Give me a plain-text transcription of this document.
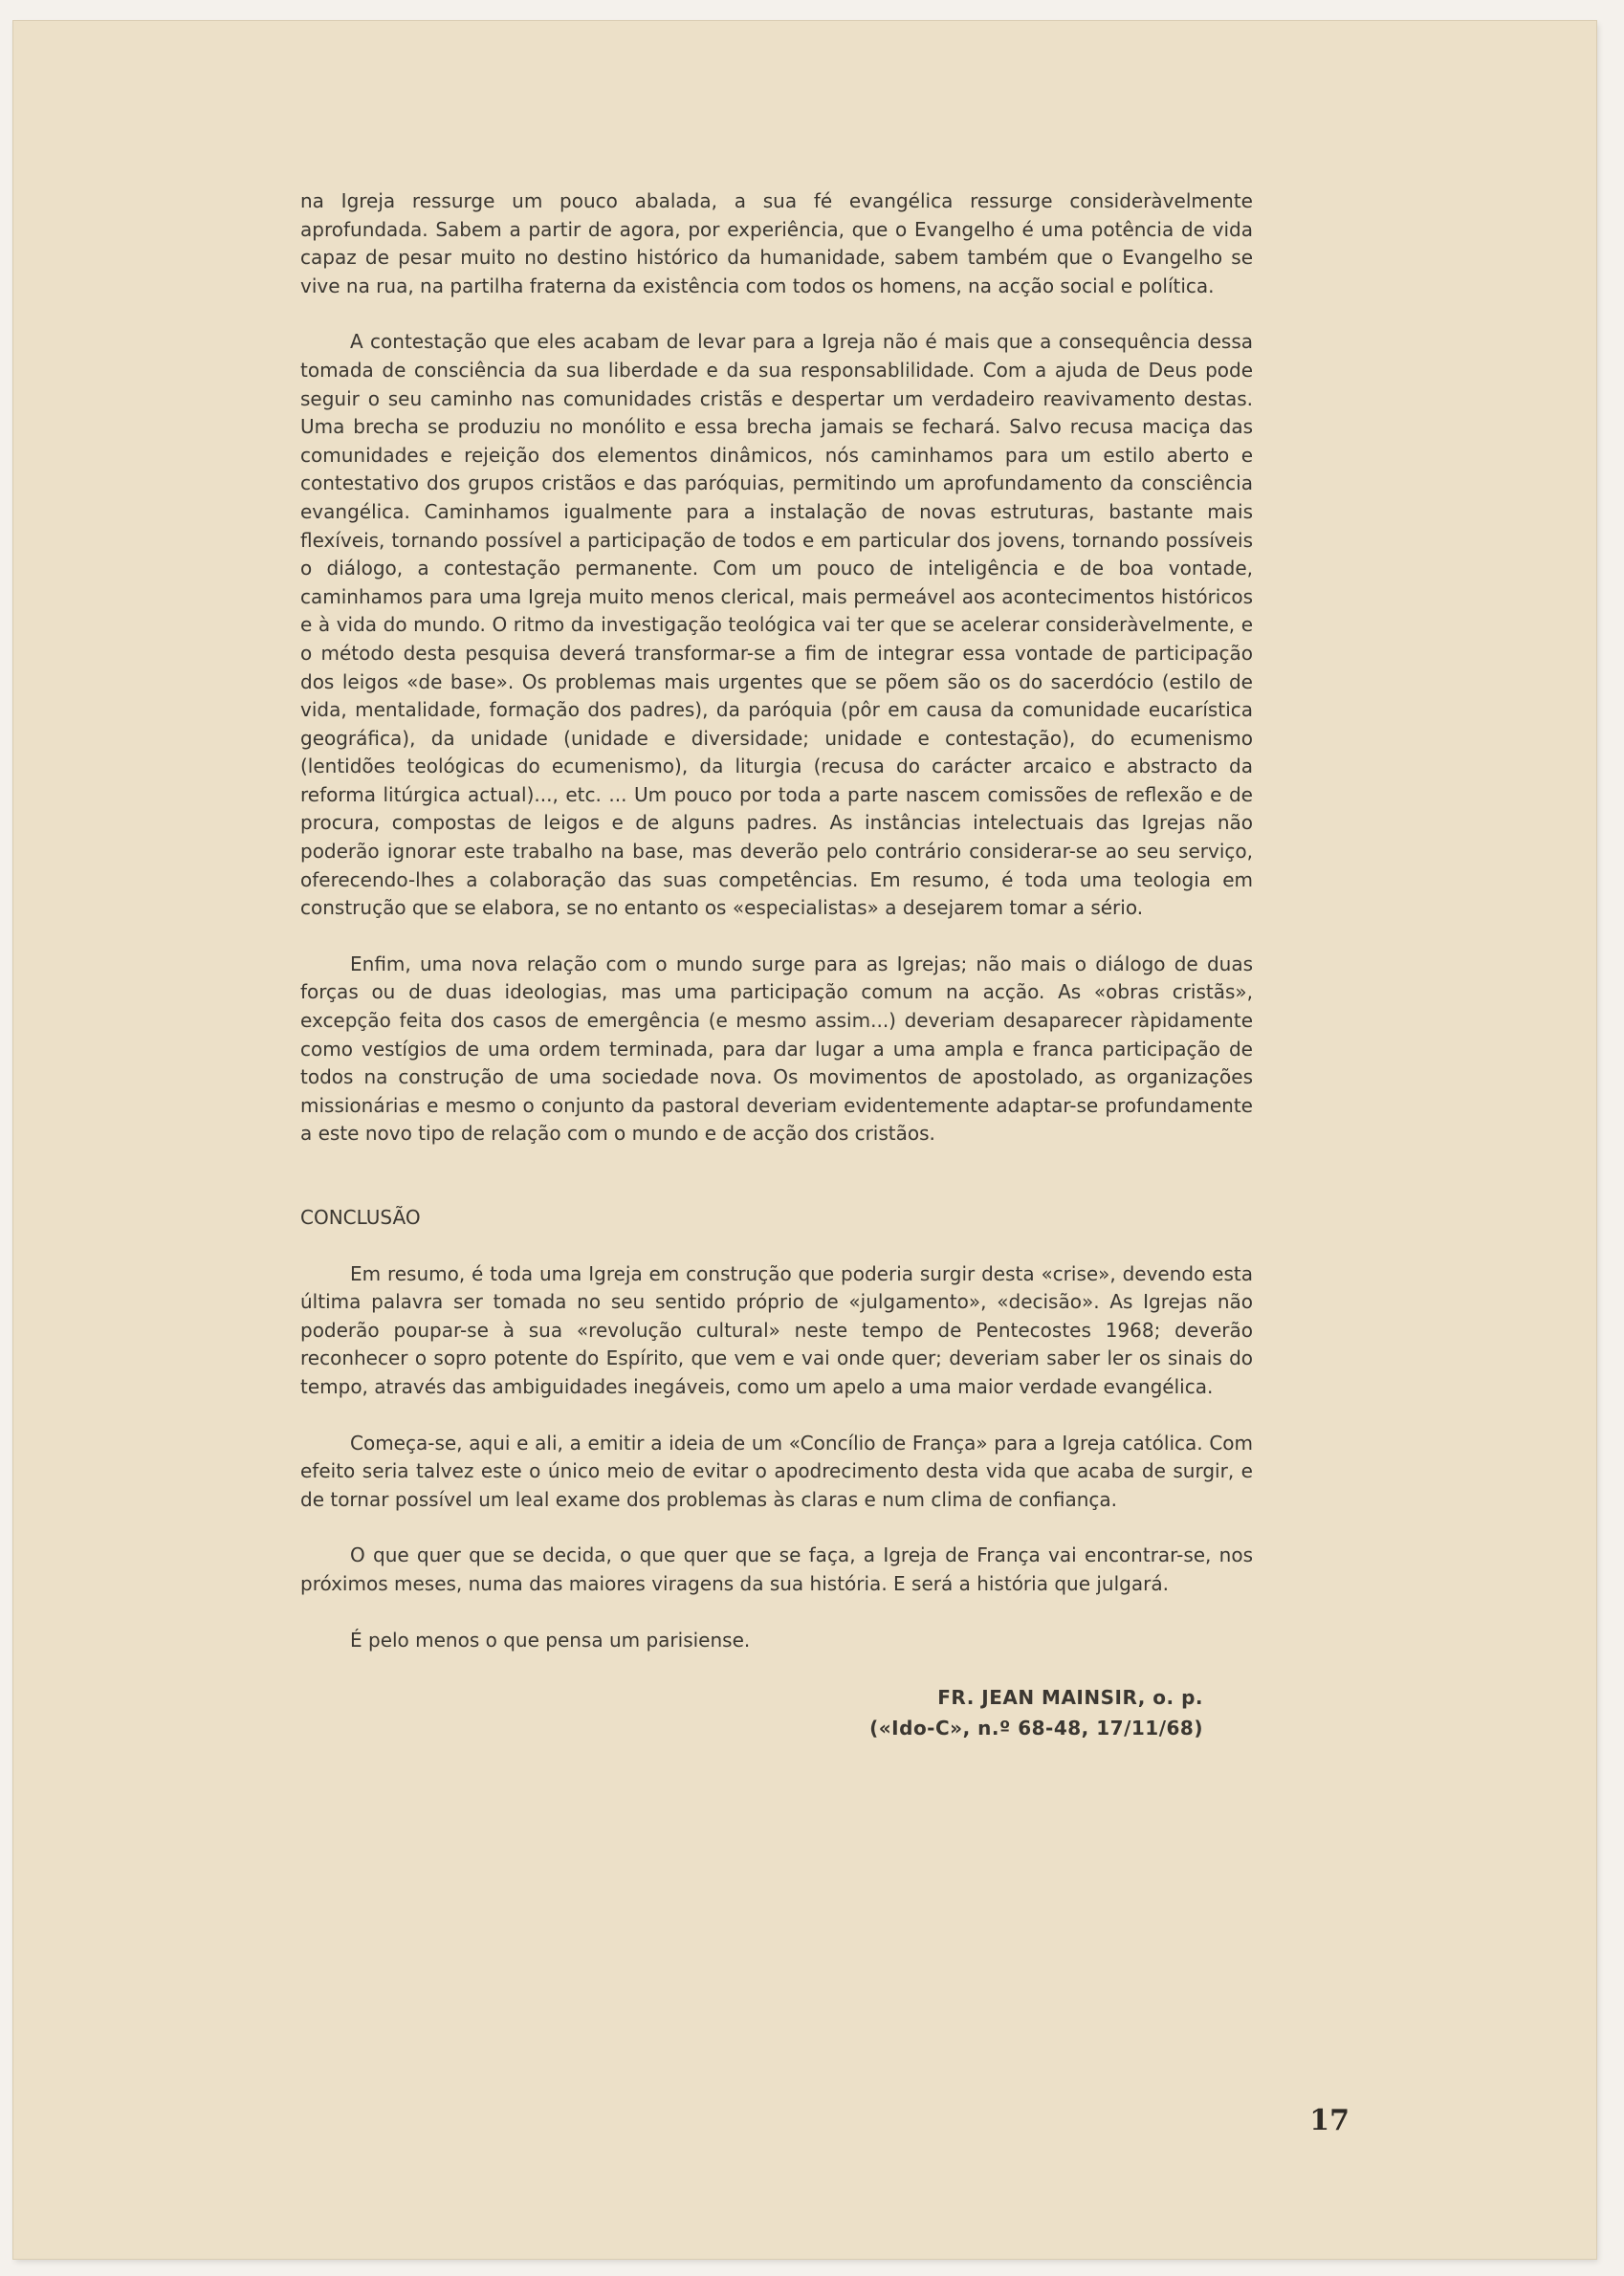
na Igreja ressurge um pouco abalada, a sua fé evangélica ressurge consideràvelmente aprofundada. Sabem a partir de agora, por experiência, que o Evangelho é uma potência de vida capaz de pesar muito no destino histórico da humanidade, sabem também que o Evangelho se vive na rua, na partilha fraterna da existência com todos os homens, na acção social e política.

A contestação que eles acabam de levar para a Igreja não é mais que a consequência dessa tomada de consciência da sua liberdade e da sua responsablilidade. Com a ajuda de Deus pode seguir o seu caminho nas comunidades cristãs e despertar um verdadeiro reavivamento destas. Uma brecha se produziu no monólito e essa brecha jamais se fechará. Salvo recusa maciça das comunidades e rejeição dos elementos dinâmicos, nós caminhamos para um estilo aberto e contestativo dos grupos cristãos e das paróquias, permitindo um aprofundamento da consciência evangélica. Caminhamos igualmente para a instalação de novas estruturas, bastante mais flexíveis, tornando possível a participação de todos e em particular dos jovens, tornando possíveis o diálogo, a contestação permanente. Com um pouco de inteligência e de boa vontade, caminhamos para uma Igreja muito menos clerical, mais permeável aos acontecimentos históricos e à vida do mundo. O ritmo da investigação teológica vai ter que se acelerar consideràvelmente, e o método desta pesquisa deverá transformar-se a fim de integrar essa vontade de participação dos leigos «de base». Os problemas mais urgentes que se põem são os do sacerdócio (estilo de vida, mentalidade, formação dos padres), da paróquia (pôr em causa da comunidade eucarística geográfica), da unidade (unidade e diversidade; unidade e contestação), do ecumenismo (lentidões teológicas do ecumenismo), da liturgia (recusa do carácter arcaico e abstracto da reforma litúrgica actual)..., etc. ... Um pouco por toda a parte nascem comissões de reflexão e de procura, compostas de leigos e de alguns padres. As instâncias intelectuais das Igrejas não poderão ignorar este trabalho na base, mas deverão pelo contrário considerar-se ao seu serviço, oferecendo-lhes a colaboração das suas competências. Em resumo, é toda uma teologia em construção que se elabora, se no entanto os «especialistas» a desejarem tomar a sério.

Enfim, uma nova relação com o mundo surge para as Igrejas; não mais o diálogo de duas forças ou de duas ideologias, mas uma participação comum na acção. As «obras cristãs», excepção feita dos casos de emergência (e mesmo assim...) deveriam desaparecer ràpidamente como vestígios de uma ordem terminada, para dar lugar a uma ampla e franca participação de todos na construção de uma sociedade nova. Os movimentos de apostolado, as organizações missionárias e mesmo o conjunto da pastoral deveriam evidentemente adaptar-se profundamente a este novo tipo de relação com o mundo e de acção dos cristãos.

CONCLUSÃO

Em resumo, é toda uma Igreja em construção que poderia surgir desta «crise», devendo esta última palavra ser tomada no seu sentido próprio de «julgamento», «decisão». As Igrejas não poderão poupar-se à sua «revolução cultural» neste tempo de Pentecostes 1968; deverão reconhecer o sopro potente do Espírito, que vem e vai onde quer; deveriam saber ler os sinais do tempo, através das ambiguidades inegáveis, como um apelo a uma maior verdade evangélica.

Começa-se, aqui e ali, a emitir a ideia de um «Concílio de França» para a Igreja católica. Com efeito seria talvez este o único meio de evitar o apodrecimento desta vida que acaba de surgir, e de tornar possível um leal exame dos problemas às claras e num clima de confiança.

O que quer que se decida, o que quer que se faça, a Igreja de França vai encontrar-se, nos próximos meses, numa das maiores viragens da sua história. E será a história que julgará.

É pelo menos o que pensa um parisiense.

FR. JEAN MAINSIR, o. p.
(«Ido-C», n.º 68-48, 17/11/68)
17
